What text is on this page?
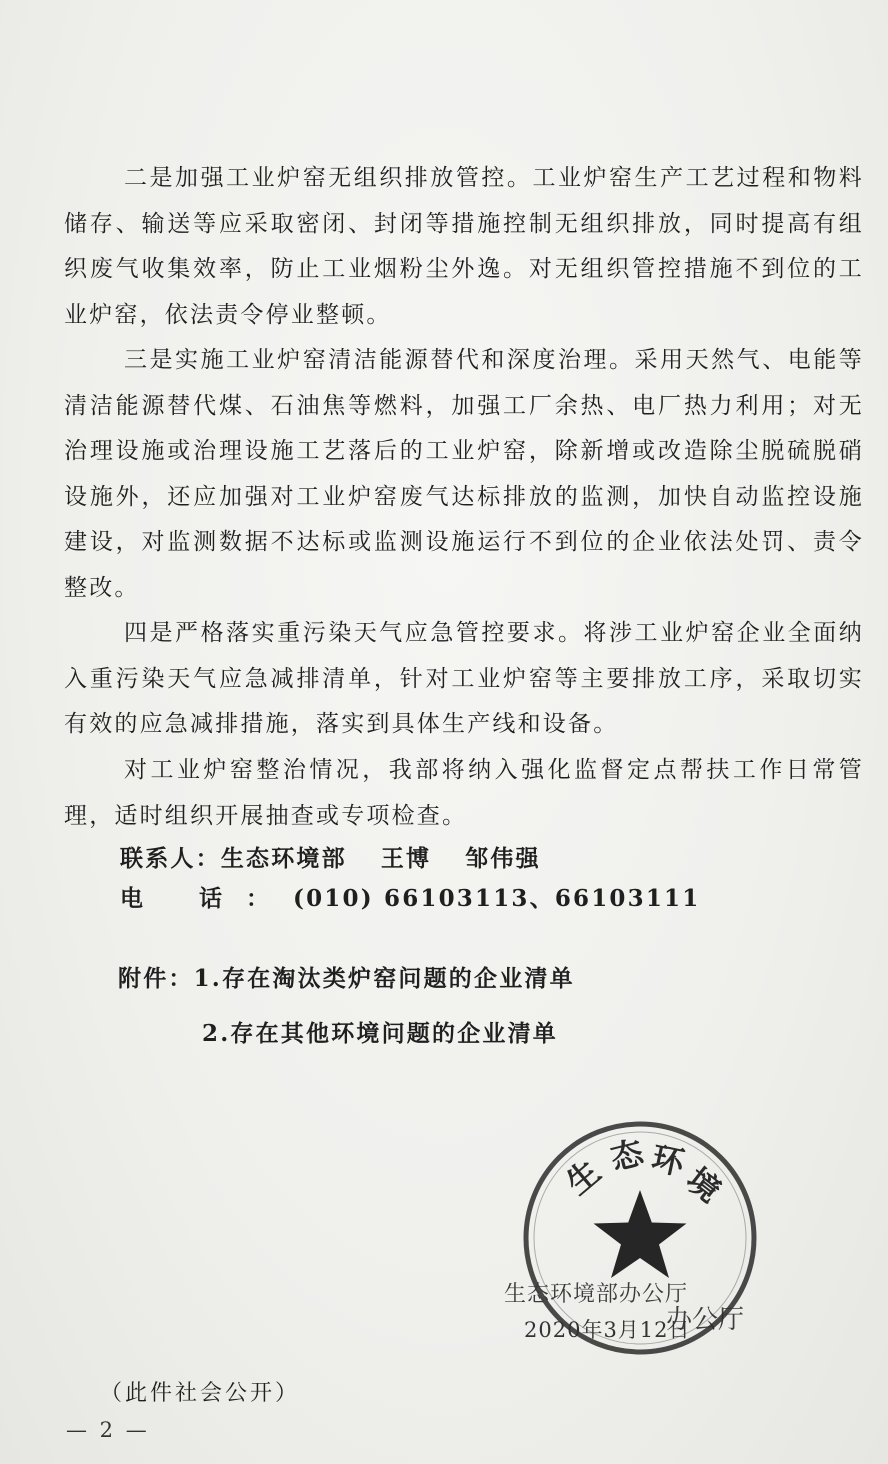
二是加强工业炉窑无组织排放管控。工业炉窑生产工艺过程和物料储存、输送等应采取密闭、封闭等措施控制无组织排放，同时提高有组织废气收集效率，防止工业烟粉尘外逸。对无组织管控措施不到位的工业炉窑，依法责令停业整顿。

三是实施工业炉窑清洁能源替代和深度治理。采用天然气、电能等清洁能源替代煤、石油焦等燃料，加强工厂余热、电厂热力利用；对无治理设施或治理设施工艺落后的工业炉窑，除新增或改造除尘脱硫脱硝设施外，还应加强对工业炉窑废气达标排放的监测，加快自动监控设施建设，对监测数据不达标或监测设施运行不到位的企业依法处罚、责令整改。

四是严格落实重污染天气应急管控要求。将涉工业炉窑企业全面纳入重污染天气应急减排清单，针对工业炉窑等主要排放工序，采取切实有效的应急减排措施，落实到具体生产线和设备。

对工业炉窑整治情况，我部将纳入强化监督定点帮扶工作日常管理，适时组织开展抽查或专项检查。

联系人：生态环境部 王博 邹伟强
电 话：(010) 66103113、66103111
附件：1.存在淘汰类炉窑问题的企业清单
2.存在其他环境问题的企业清单
生 态 环
境
办公厅
生态环境部办公厅
2020年3月12日
（此件社会公开）
— 2 —
